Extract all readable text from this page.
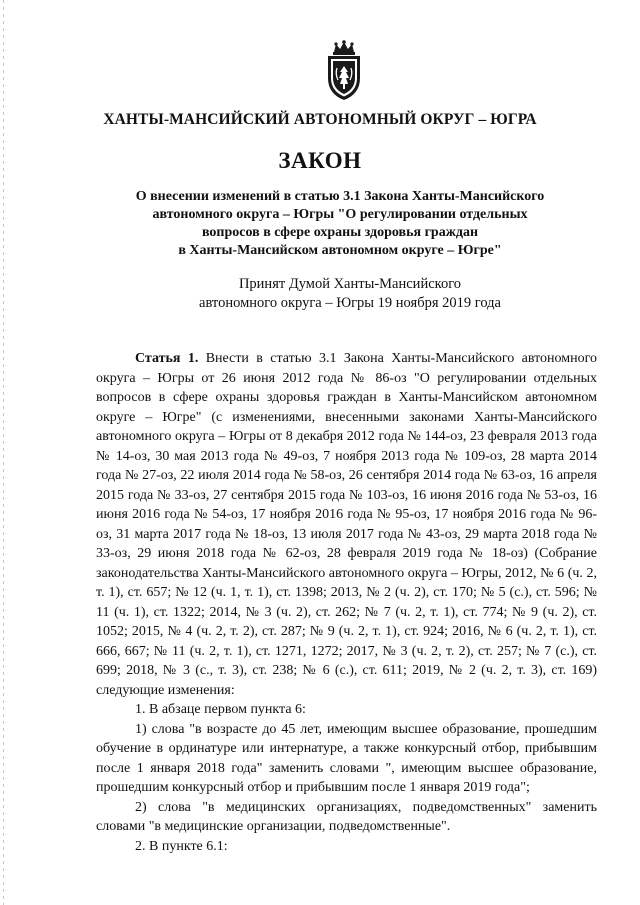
ХАНТЫ-МАНСИЙСКИЙ АВТОНОМНЫЙ ОКРУГ – ЮГРА
ЗАКОН
О внесении изменений в статью 3.1 Закона Ханты-Мансийского
автономного округа – Югры "О регулировании отдельных
вопросов в сфере охраны здоровья граждан
в Ханты-Мансийском автономном округе – Югре"
Принят Думой Ханты-Мансийского
автономного округа – Югры 19 ноября 2019 года

Статья 1. Внести в статью 3.1 Закона Ханты-Мансийского автономного округа – Югры от 26 июня 2012 года № 86-оз "О регулировании отдельных вопросов в сфере охраны здоровья граждан в Ханты-Мансийском автономном округе – Югре" (с изменениями, внесенными законами Ханты-Мансийского автономного округа – Югры от 8 декабря 2012 года № 144-оз, 23 февраля 2013 года № 14-оз, 30 мая 2013 года № 49-оз, 7 ноября 2013 года № 109-оз, 28 марта 2014 года № 27-оз, 22 июля 2014 года № 58-оз, 26 сентября 2014 года № 63-оз, 16 апреля 2015 года № 33-оз, 27 сентября 2015 года № 103-оз, 16 июня 2016 года № 53-оз, 16 июня 2016 года № 54-оз, 17 ноября 2016 года № 95-оз, 17 ноября 2016 года № 96-оз, 31 марта 2017 года № 18-оз, 13 июля 2017 года № 43-оз, 29 марта 2018 года № 33-оз, 29 июня 2018 года № 62-оз, 28 февраля 2019 года № 18-оз) (Собрание законодательства Ханты-Мансийского автономного округа – Югры, 2012, № 6 (ч. 2, т. 1), ст. 657; № 12 (ч. 1, т. 1), ст. 1398; 2013, № 2 (ч. 2), ст. 170; № 5 (с.), ст. 596; № 11 (ч. 1), ст. 1322; 2014, № 3 (ч. 2), ст. 262; № 7 (ч. 2, т. 1), ст. 774; № 9 (ч. 2), ст. 1052; 2015, № 4 (ч. 2, т. 2), ст. 287; № 9 (ч. 2, т. 1), ст. 924; 2016, № 6 (ч. 2, т. 1), ст. 666, 667; № 11 (ч. 2, т. 1), ст. 1271, 1272; 2017, № 3 (ч. 2, т. 2), ст. 257; № 7 (с.), ст. 699; 2018, № 3 (с., т. 3), ст. 238; № 6 (с.), ст. 611; 2019, № 2 (ч. 2, т. 3), ст. 169) следующие изменения:

1. В абзаце первом пункта 6:

1) слова "в возрасте до 45 лет, имеющим высшее образование, прошедшим обучение в ординатуре или интернатуре, а также конкурсный отбор, прибывшим после 1 января 2018 года" заменить словами ", имеющим высшее образование, прошедшим конкурсный отбор и прибывшим после 1 января 2019 года";

2) слова "в медицинских организациях, подведомственных" заменить словами "в медицинские организации, подведомственные".

2. В пункте 6.1:
